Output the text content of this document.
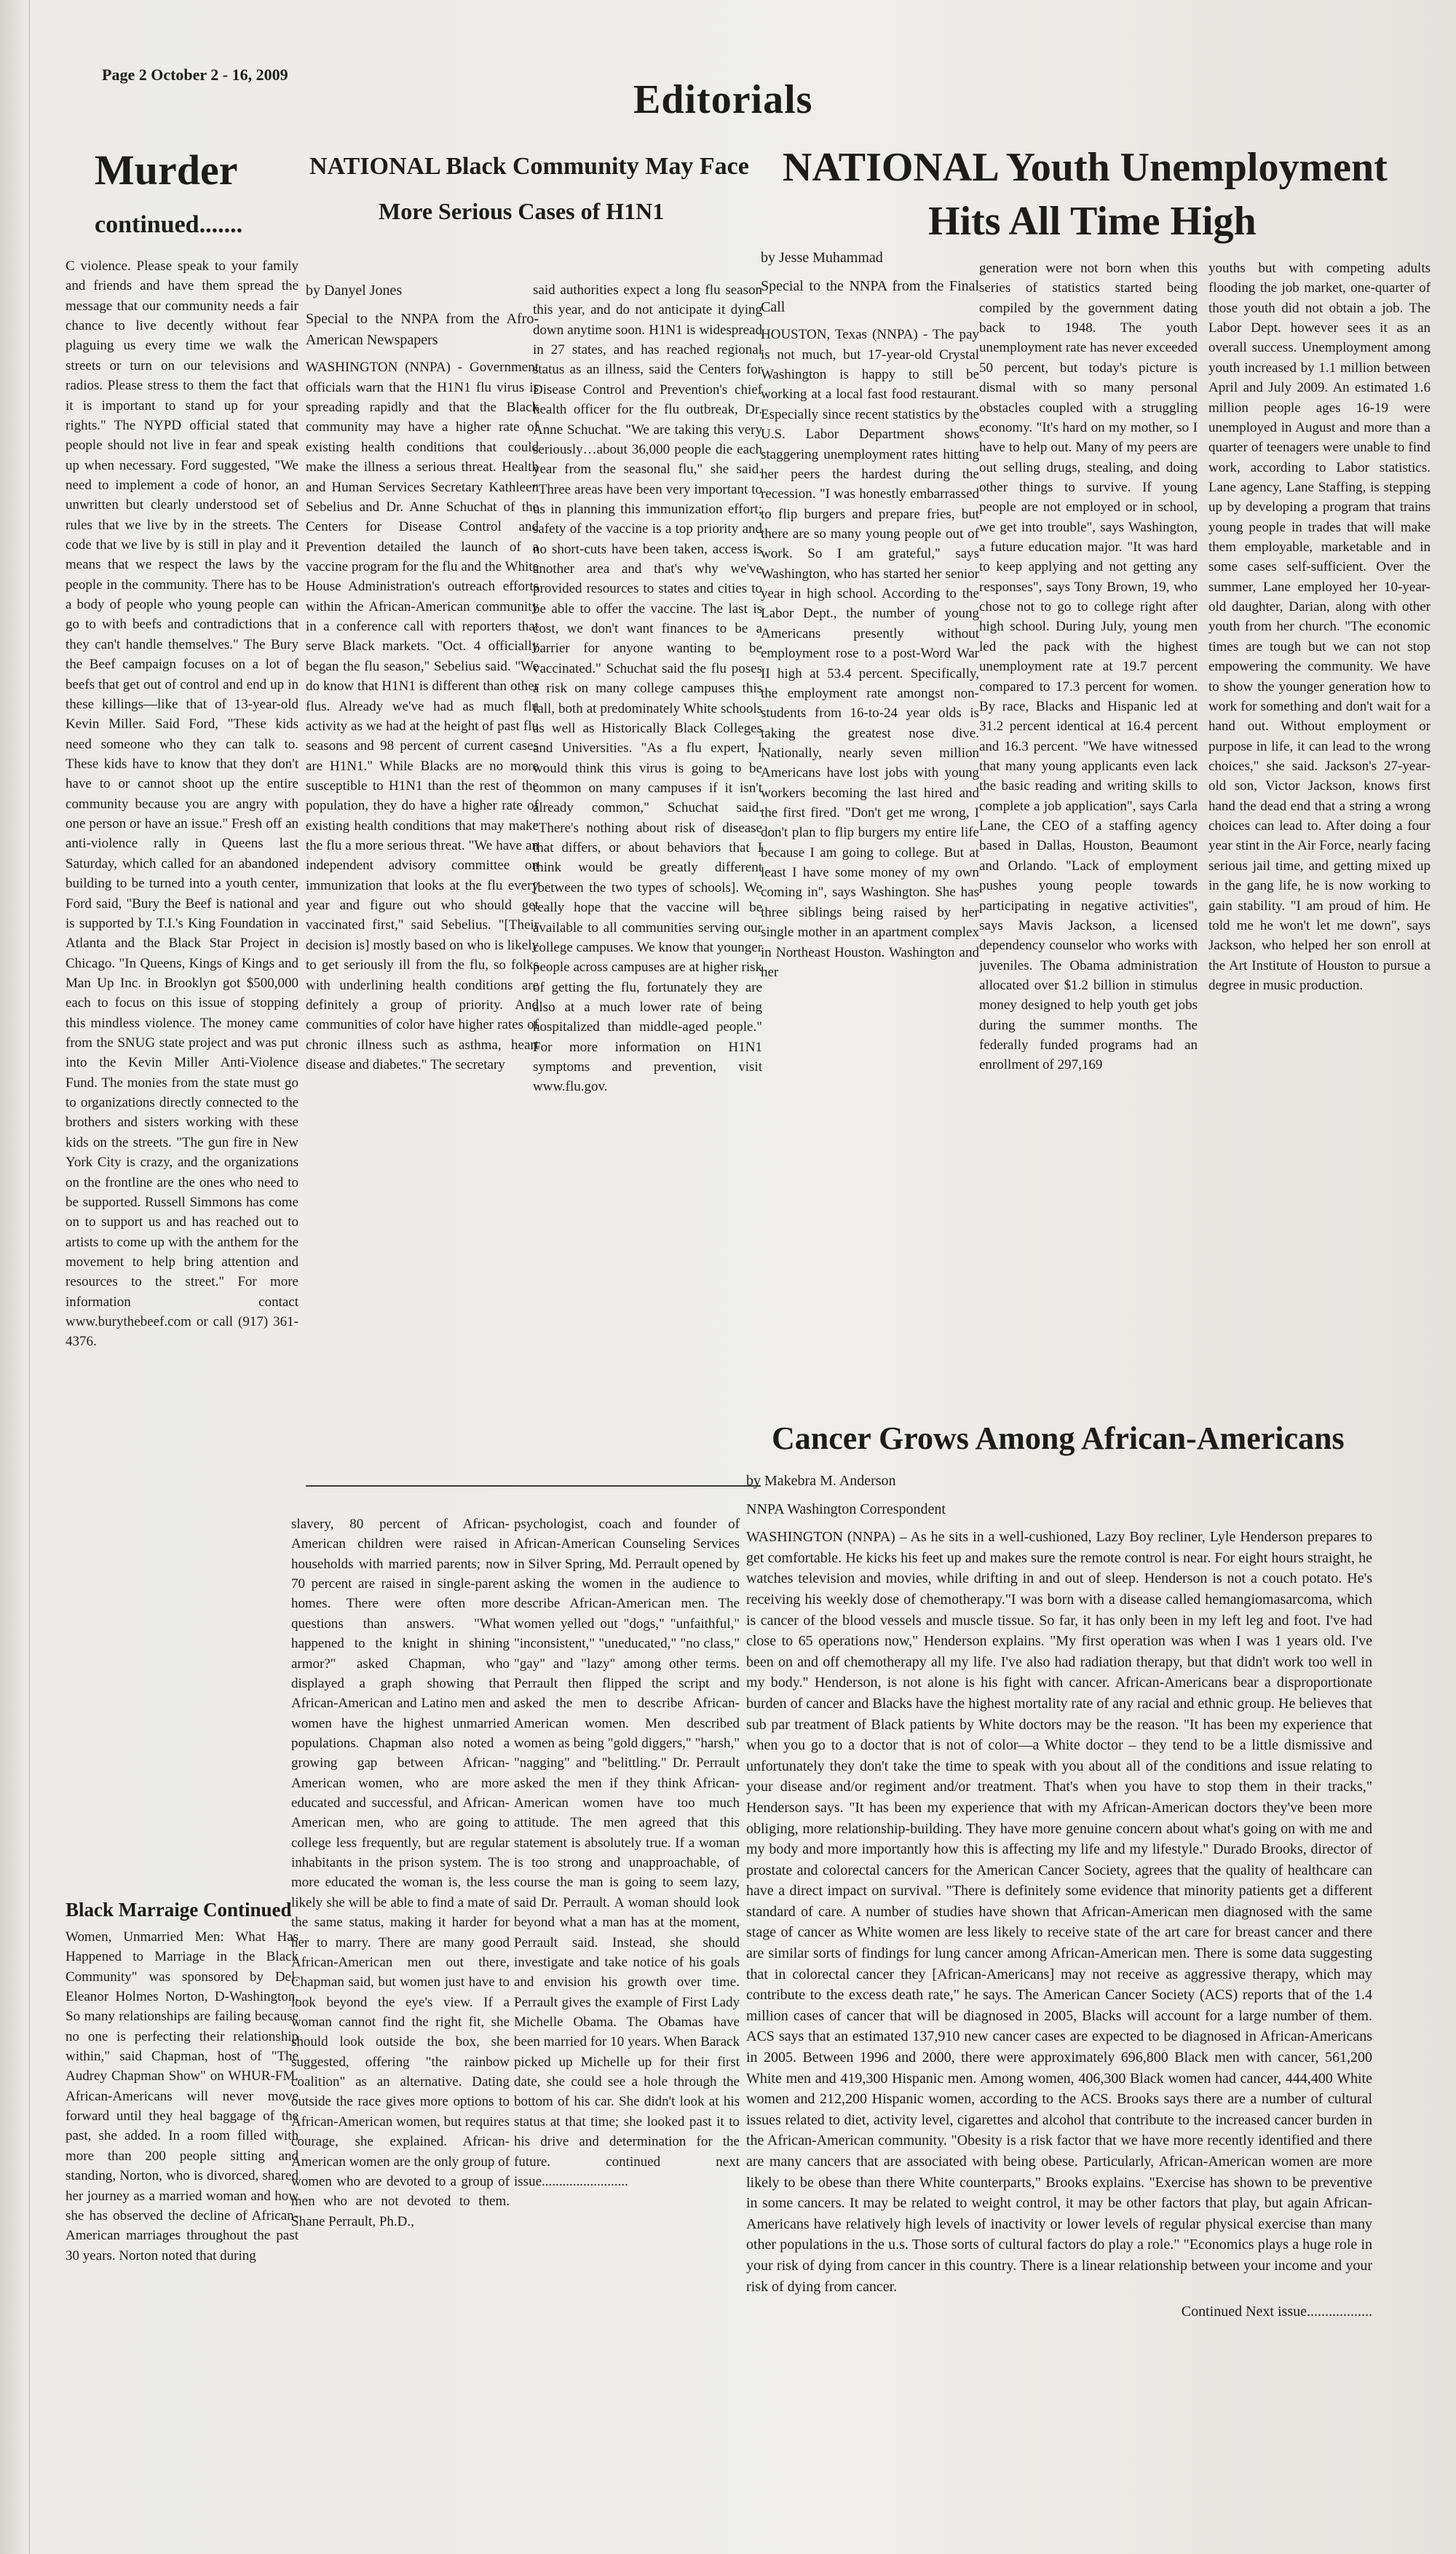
Page 2 October 2 - 16, 2009
Editorials
Murder
continued.......
NATIONAL Black Community May Face
More Serious Cases of H1N1
NATIONAL Youth Unemployment
Hits All Time High

C violence. Please speak to your family and friends and have them spread the message that our community needs a fair chance to live decently without fear plaguing us every time we walk the streets or turn on our televisions and radios. Please stress to them the fact that it is important to stand up for your rights." The NYPD official stated that people should not live in fear and speak up when necessary. Ford suggested, "We need to implement a code of honor, an unwritten but clearly understood set of rules that we live by in the streets. The code that we live by is still in play and it means that we respect the laws by the people in the community. There has to be a body of people who young people can go to with beefs and contradictions that they can't handle themselves." The Bury the Beef campaign focuses on a lot of beefs that get out of control and end up in these killings—like that of 13-year-old Kevin Miller. Said Ford, "These kids need someone who they can talk to. These kids have to know that they don't have to or cannot shoot up the entire community because you are angry with one person or have an issue." Fresh off an anti-violence rally in Queens last Saturday, which called for an abandoned building to be turned into a youth center, Ford said, "Bury the Beef is national and is supported by T.I.'s King Foundation in Atlanta and the Black Star Project in Chicago. "In Queens, Kings of Kings and Man Up Inc. in Brooklyn got $500,000 each to focus on this issue of stopping this mindless violence. The money came from the SNUG state project and was put into the Kevin Miller Anti-Violence Fund. The monies from the state must go to organizations directly connected to the brothers and sisters working with these kids on the streets. "The gun fire in New York City is crazy, and the organizations on the frontline are the ones who need to be supported. Russell Simmons has come on to support us and has reached out to artists to come up with the anthem for the movement to help bring attention and resources to the street." For more information contact www.burythebeef.com or call (917) 361-4376.

Black Marraige Continued

Women, Unmarried Men: What Has Happened to Marriage in the Black Community" was sponsored by Del. Eleanor Holmes Norton, D-Washington. So many relationships are failing because no one is perfecting their relationship within," said Chapman, host of "The Audrey Chapman Show" on WHUR-FM. African-Americans will never move forward until they heal baggage of the past, she added. In a room filled with more than 200 people sitting and standing, Norton, who is divorced, shared her journey as a married woman and how she has observed the decline of African-American marriages throughout the past 30 years. Norton noted that during

by Danyel Jones
Special to the NNPA from the Afro-American Newspapers

WASHINGTON (NNPA) - Government officials warn that the H1N1 flu virus is spreading rapidly and that the Black community may have a higher rate of existing health conditions that could make the illness a serious threat. Health and Human Services Secretary Kathleen Sebelius and Dr. Anne Schuchat of the Centers for Disease Control and Prevention detailed the launch of a vaccine program for the flu and the White House Administration's outreach efforts within the African-American community in a conference call with reporters that serve Black markets. "Oct. 4 officially began the flu season," Sebelius said. "We do know that H1N1 is different than other flus. Already we've had as much flu activity as we had at the height of past flu seasons and 98 percent of current cases are H1N1." While Blacks are no more susceptible to H1N1 than the rest of the population, they do have a higher rate of existing health conditions that may make the flu a more serious threat. "We have an independent advisory committee on immunization that looks at the flu every year and figure out who should get vaccinated first," said Sebelius. "[Their decision is] mostly based on who is likely to get seriously ill from the flu, so folks with underlining health conditions are definitely a group of priority. And communities of color have higher rates of chronic illness such as asthma, heart disease and diabetes." The secretary

said authorities expect a long flu season this year, and do not anticipate it dying down anytime soon. H1N1 is widespread in 27 states, and has reached regional status as an illness, said the Centers for Disease Control and Prevention's chief health officer for the flu outbreak, Dr. Anne Schuchat. "We are taking this very seriously…about 36,000 people die each year from the seasonal flu," she said. "Three areas have been very important to us in planning this immunization effort; safety of the vaccine is a top priority and no short-cuts have been taken, access is another area and that's why we've provided resources to states and cities to be able to offer the vaccine. The last is cost, we don't want finances to be a barrier for anyone wanting to be vaccinated." Schuchat said the flu poses a risk on many college campuses this fall, both at predominately White schools as well as Historically Black Colleges and Universities. "As a flu expert, I would think this virus is going to be common on many campuses if it isn't already common," Schuchat said. "There's nothing about risk of disease that differs, or about behaviors that I think would be greatly different [between the two types of schools]. We really hope that the vaccine will be available to all communities serving our college campuses. We know that younger people across campuses are at higher risk of getting the flu, fortunately they are also at a much lower rate of being hospitalized than middle-aged people." For more information on H1N1 symptoms and prevention, visit www.flu.gov.

slavery, 80 percent of African-American children were raised in households with married parents; now 70 percent are raised in single-parent homes. There were often more questions than answers. "What happened to the knight in shining armor?" asked Chapman, who displayed a graph showing that African-American and Latino men and women have the highest unmarried populations. Chapman also noted a growing gap between African-American women, who are more educated and successful, and African-American men, who are going to college less frequently, but are regular inhabitants in the prison system. The more educated the woman is, the less likely she will be able to find a mate of the same status, making it harder for her to marry. There are many good African-American men out there, Chapman said, but women just have to look beyond the eye's view. If a woman cannot find the right fit, she should look outside the box, she suggested, offering "the rainbow coalition" as an alternative. Dating outside the race gives more options to African-American women, but requires courage, she explained. African-American women are the only group of women who are devoted to a group of men who are not devoted to them. Shane Perrault, Ph.D.,

psychologist, coach and founder of African-American Counseling Services in Silver Spring, Md. Perrault opened by asking the women in the audience to describe African-American men. The women yelled out "dogs," "unfaithful," "inconsistent," "uneducated," "no class," "gay" and "lazy" among other terms. Perrault then flipped the script and asked the men to describe African-American women. Men described women as being "gold diggers," "harsh," "nagging" and "belittling." Dr. Perrault asked the men if they think African-American women have too much attitude. The men agreed that this statement is absolutely true. If a woman is too strong and unapproachable, of course the man is going to seem lazy, said Dr. Perrault. A woman should look beyond what a man has at the moment, Perrault said. Instead, she should investigate and take notice of his goals and envision his growth over time. Perrault gives the example of First Lady Michelle Obama. The Obamas have been married for 10 years. When Barack picked up Michelle up for their first date, she could see a hole through the bottom of his car. She didn't look at his status at that time; she looked past it to his drive and determination for the future. continued next issue.........................

by Jesse Muhammad
Special to the NNPA from the Final Call

HOUSTON, Texas (NNPA) - The pay is not much, but 17-year-old Crystal Washington is happy to still be working at a local fast food restaurant. Especially since recent statistics by the U.S. Labor Department shows staggering unemployment rates hitting her peers the hardest during the recession. "I was honestly embarrassed to flip burgers and prepare fries, but there are so many young people out of work. So I am grateful," says Washington, who has started her senior year in high school. According to the Labor Dept., the number of young Americans presently without employment rose to a post-Word War II high at 53.4 percent. Specifically, the employment rate amongst non-students from 16-to-24 year olds is taking the greatest nose dive. Nationally, nearly seven million Americans have lost jobs with young workers becoming the last hired and the first fired. "Don't get me wrong, I don't plan to flip burgers my entire life because I am going to college. But at least I have some money of my own coming in", says Washington. She has three siblings being raised by her single mother in an apartment complex in Northeast Houston. Washington and her

generation were not born when this series of statistics started being compiled by the government dating back to 1948. The youth unemployment rate has never exceeded 50 percent, but today's picture is dismal with so many personal obstacles coupled with a struggling economy. "It's hard on my mother, so I have to help out. Many of my peers are out selling drugs, stealing, and doing other things to survive. If young people are not employed or in school, we get into trouble", says Washington, a future education major. "It was hard to keep applying and not getting any responses", says Tony Brown, 19, who chose not to go to college right after high school. During July, young men led the pack with the highest unemployment rate at 19.7 percent compared to 17.3 percent for women. By race, Blacks and Hispanic led at 31.2 percent identical at 16.4 percent and 16.3 percent. "We have witnessed that many young applicants even lack the basic reading and writing skills to complete a job application", says Carla Lane, the CEO of a staffing agency based in Dallas, Houston, Beaumont and Orlando. "Lack of employment pushes young people towards participating in negative activities", says Mavis Jackson, a licensed dependency counselor who works with juveniles. The Obama administration allocated over $1.2 billion in stimulus money designed to help youth get jobs during the summer months. The federally funded programs had an enrollment of 297,169

youths but with competing adults flooding the job market, one-quarter of those youth did not obtain a job. The Labor Dept. however sees it as an overall success. Unemployment among youth increased by 1.1 million between April and July 2009. An estimated 1.6 million people ages 16-19 were unemployed in August and more than a quarter of teenagers were unable to find work, according to Labor statistics. Lane agency, Lane Staffing, is stepping up by developing a program that trains young people in trades that will make them employable, marketable and in some cases self-sufficient. Over the summer, Lane employed her 10-year-old daughter, Darian, along with other youth from her church. "The economic times are tough but we can not stop empowering the community. We have to show the younger generation how to work for something and don't wait for a hand out. Without employment or purpose in life, it can lead to the wrong choices," she said. Jackson's 27-year-old son, Victor Jackson, knows first hand the dead end that a string a wrong choices can lead to. After doing a four year stint in the Air Force, nearly facing serious jail time, and getting mixed up in the gang life, he is now working to gain stability. "I am proud of him. He told me he won't let me down", says Jackson, who helped her son enroll at the Art Institute of Houston to pursue a degree in music production.

Cancer Grows Among African-Americans
by Makebra M. Anderson
NNPA Washington Correspondent

WASHINGTON (NNPA) – As he sits in a well-cushioned, Lazy Boy recliner, Lyle Henderson prepares to get comfortable. He kicks his feet up and makes sure the remote control is near. For eight hours straight, he watches television and movies, while drifting in and out of sleep. Henderson is not a couch potato. He's receiving his weekly dose of chemotherapy."I was born with a disease called hemangiomasarcoma, which is cancer of the blood vessels and muscle tissue. So far, it has only been in my left leg and foot. I've had close to 65 operations now," Henderson explains. "My first operation was when I was 1 years old. I've been on and off chemotherapy all my life. I've also had radiation therapy, but that didn't work too well in my body." Henderson, is not alone is his fight with cancer. African-Americans bear a disproportionate burden of cancer and Blacks have the highest mortality rate of any racial and ethnic group. He believes that sub par treatment of Black patients by White doctors may be the reason. "It has been my experience that when you go to a doctor that is not of color—a White doctor – they tend to be a little dismissive and unfortunately they don't take the time to speak with you about all of the conditions and issue relating to your disease and/or regiment and/or treatment. That's when you have to stop them in their tracks," Henderson says. "It has been my experience that with my African-American doctors they've been more obliging, more relationship-building. They have more genuine concern about what's going on with me and my body and more importantly how this is affecting my life and my lifestyle." Durado Brooks, director of prostate and colorectal cancers for the American Cancer Society, agrees that the quality of healthcare can have a direct impact on survival. "There is definitely some evidence that minority patients get a different standard of care. A number of studies have shown that African-American men diagnosed with the same stage of cancer as White women are less likely to receive state of the art care for breast cancer and there are similar sorts of findings for lung cancer among African-American men. There is some data suggesting that in colorectal cancer they [African-Americans] may not receive as aggressive therapy, which may contribute to the excess death rate," he says. The American Cancer Society (ACS) reports that of the 1.4 million cases of cancer that will be diagnosed in 2005, Blacks will account for a large number of them. ACS says that an estimated 137,910 new cancer cases are expected to be diagnosed in African-Americans in 2005. Between 1996 and 2000, there were approximately 696,800 Black men with cancer, 561,200 White men and 419,300 Hispanic men. Among women, 406,300 Black women had cancer, 444,400 White women and 212,200 Hispanic women, according to the ACS. Brooks says there are a number of cultural issues related to diet, activity level, cigarettes and alcohol that contribute to the increased cancer burden in the African-American community. "Obesity is a risk factor that we have more recently identified and there are many cancers that are associated with being obese. Particularly, African-American women are more likely to be obese than there White counterparts," Brooks explains. "Exercise has shown to be preventive in some cancers. It may be related to weight control, it may be other factors that play, but again African-Americans have relatively high levels of inactivity or lower levels of regular physical exercise than many other populations in the u.s. Those sorts of cultural factors do play a role." "Economics plays a huge role in your risk of dying from cancer in this country. There is a linear relationship between your income and your risk of dying from cancer.

Continued Next issue..................
